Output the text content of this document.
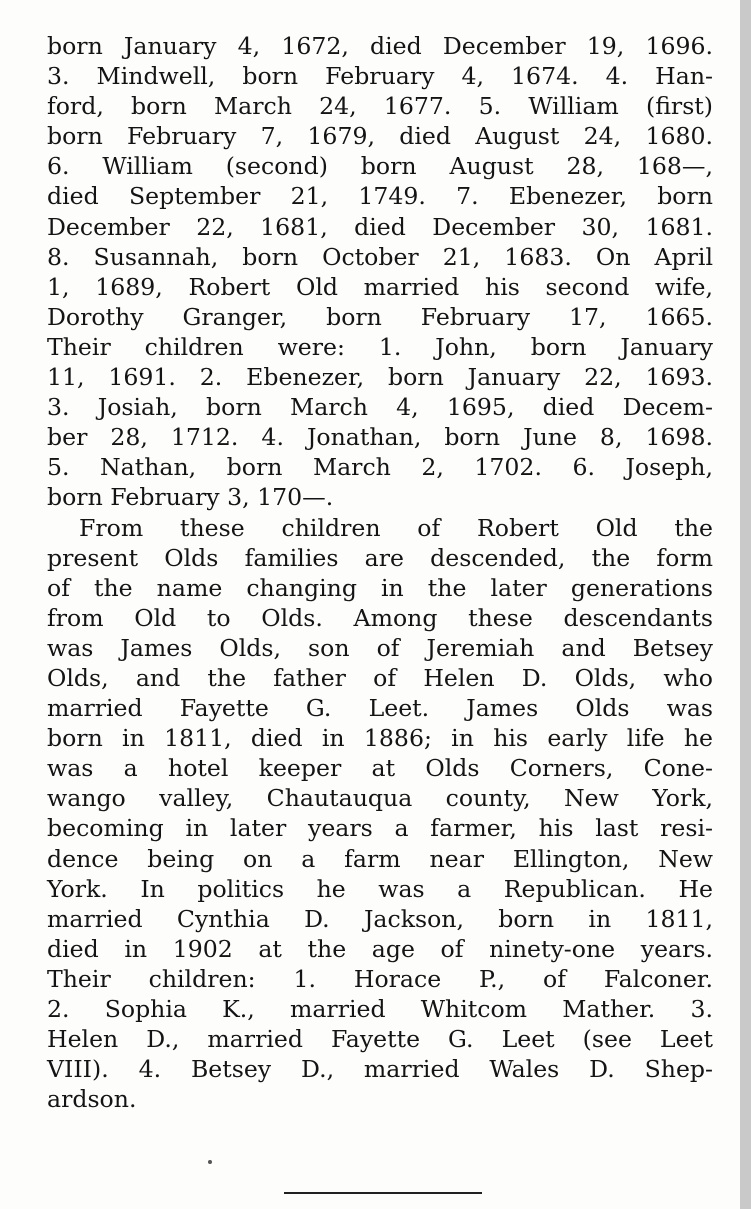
born January 4, 1672, died December 19, 1696.
3. Mindwell, born February 4, 1674. 4. Han-
ford, born March 24, 1677. 5. William (first)
born February 7, 1679, died August 24, 1680.
6. William (second) born August 28, 168—,
died September 21, 1749. 7. Ebenezer, born
December 22, 1681, died December 30, 1681.
8. Susannah, born October 21, 1683. On April
1, 1689, Robert Old married his second wife,
Dorothy Granger, born February 17, 1665.
Their children were: 1. John, born January
11, 1691. 2. Ebenezer, born January 22, 1693.
3. Josiah, born March 4, 1695, died Decem-
ber 28, 1712. 4. Jonathan, born June 8, 1698.
5. Nathan, born March 2, 1702. 6. Joseph,
born February 3, 170—.
From these children of Robert Old the
present Olds families are descended, the form
of the name changing in the later generations
from Old to Olds. Among these descendants
was James Olds, son of Jeremiah and Betsey
Olds, and the father of Helen D. Olds, who
married Fayette G. Leet. James Olds was
born in 1811, died in 1886; in his early life he
was a hotel keeper at Olds Corners, Cone-
wango valley, Chautauqua county, New York,
becoming in later years a farmer, his last resi-
dence being on a farm near Ellington, New
York. In politics he was a Republican. He
married Cynthia D. Jackson, born in 1811,
died in 1902 at the age of ninety-one years.
Their children: 1. Horace P., of Falconer.
2. Sophia K., married Whitcom Mather. 3.
Helen D., married Fayette G. Leet (see Leet
VIII). 4. Betsey D., married Wales D. Shep-
ardson.
